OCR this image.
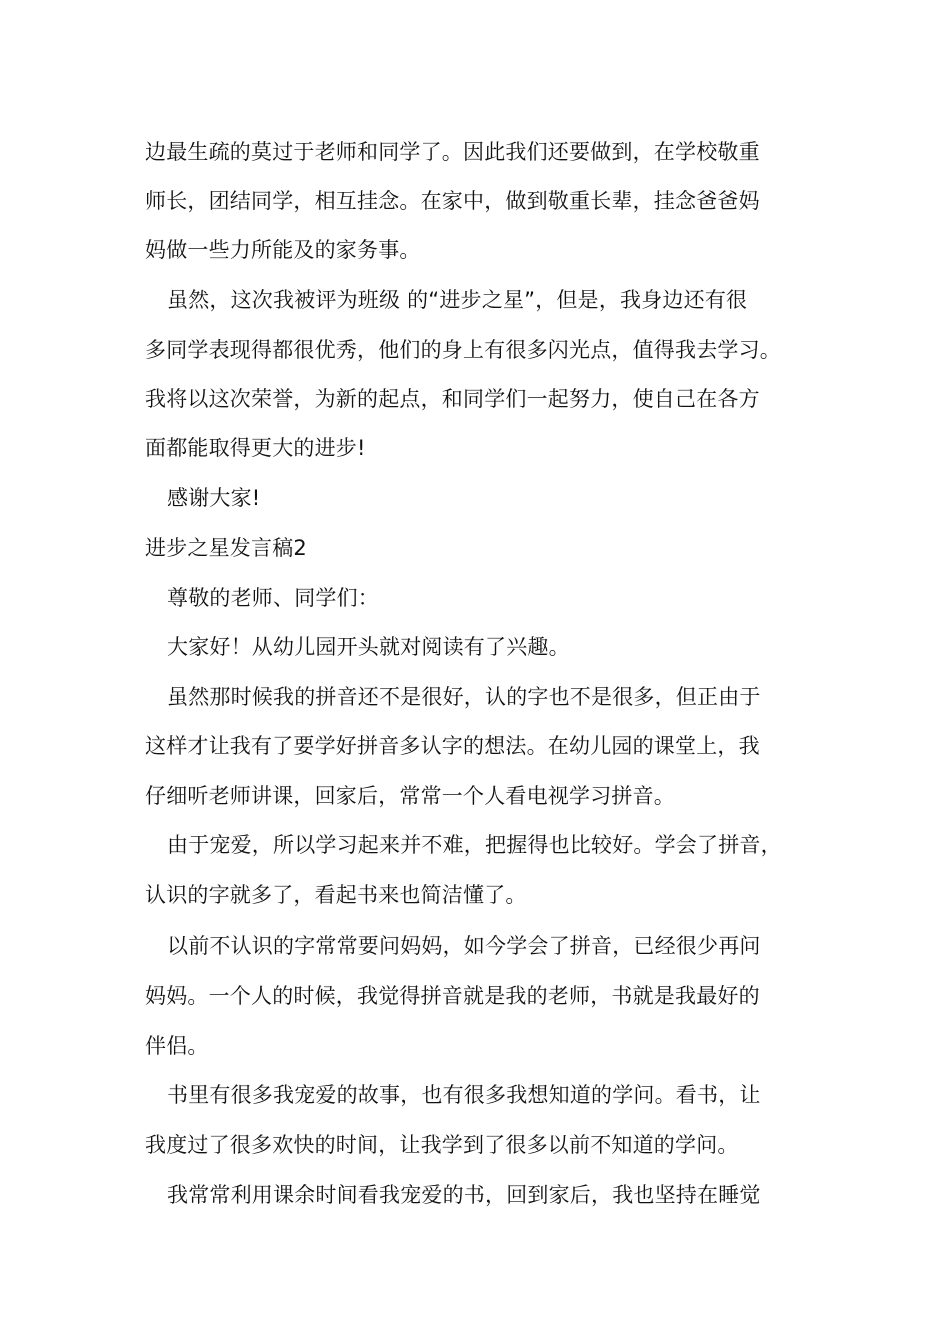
边最生疏的莫过于老师和同学了。因此我们还要做到，在学校敬重
师长，团结同学，相互挂念。在家中，做到敬重长辈，挂念爸爸妈
妈做一些力所能及的家务事。
虽然，这次我被评为班级 的“进步之星”，但是，我身边还有很
多同学表现得都很优秀，他们的身上有很多闪光点，值得我去学习。
我将以这次荣誉，为新的起点，和同学们一起努力，使自己在各方
面都能取得更大的进步!
感谢大家!
进步之星发言稿2
尊敬的老师、同学们：
大家好！从幼儿园开头就对阅读有了兴趣。
虽然那时候我的拼音还不是很好，认的字也不是很多，但正由于
这样才让我有了要学好拼音多认字的想法。在幼儿园的课堂上，我
仔细听老师讲课，回家后，常常一个人看电视学习拼音。
由于宠爱，所以学习起来并不难，把握得也比较好。学会了拼音，
认识的字就多了，看起书来也简洁懂了。
以前不认识的字常常要问妈妈，如今学会了拼音，已经很少再问
妈妈。一个人的时候，我觉得拼音就是我的老师，书就是我最好的
伴侣。
书里有很多我宠爱的故事，也有很多我想知道的学问。看书，让
我度过了很多欢快的时间，让我学到了很多以前不知道的学问。
我常常利用课余时间看我宠爱的书，回到家后，我也坚持在睡觉
